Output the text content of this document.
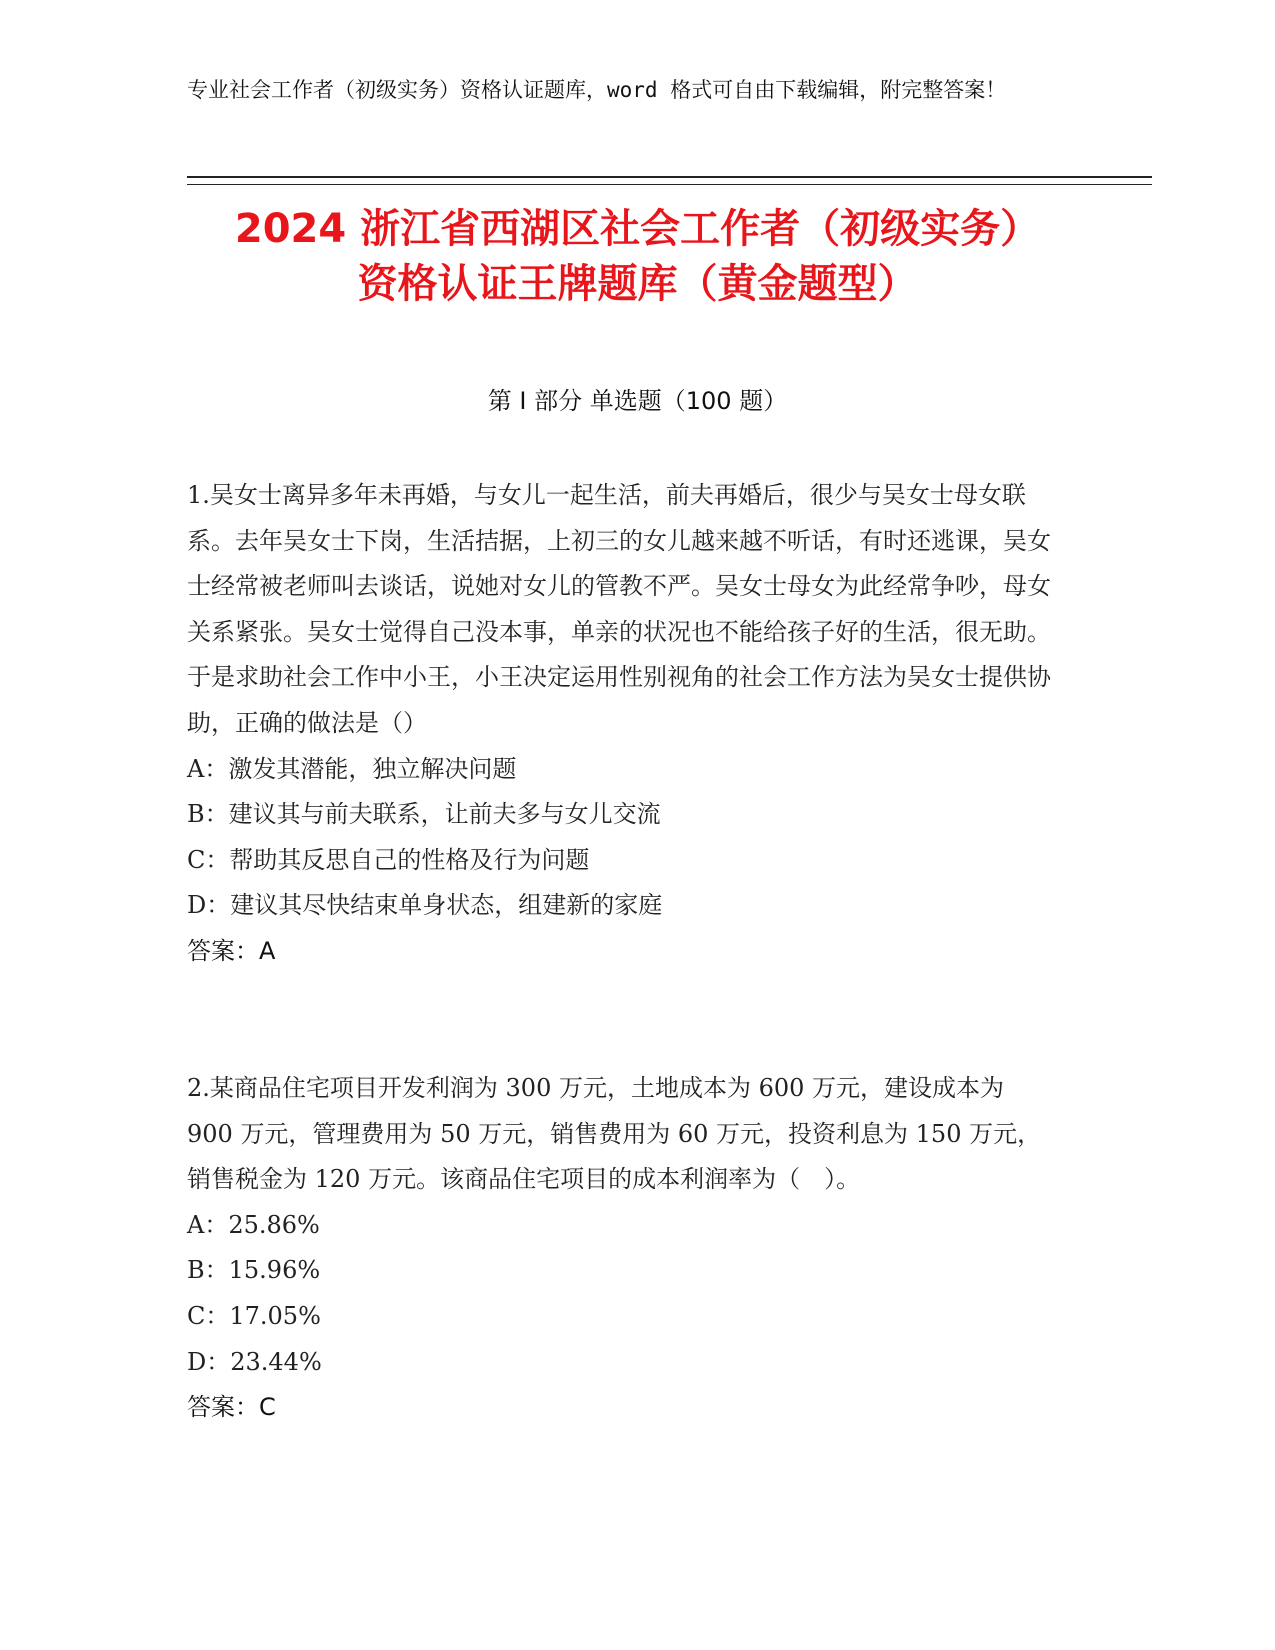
专业社会工作者（初级实务）资格认证题库，word 格式可自由下载编辑，附完整答案！
2024 浙江省西湖区社会工作者（初级实务）
资格认证王牌题库（黄金题型）
第 I 部分 单选题（100 题）

1.吴女士离异多年未再婚，与女儿一起生活，前夫再婚后，很少与吴女士母女联系。去年吴女士下岗，生活拮据，上初三的女儿越来越不听话，有时还逃课，吴女士经常被老师叫去谈话，说她对女儿的管教不严。吴女士母女为此经常争吵，母女关系紧张。吴女士觉得自己没本事，单亲的状况也不能给孩子好的生活，很无助。于是求助社会工作中小王，小王决定运用性别视角的社会工作方法为吴女士提供协助，正确的做法是（）

A：激发其潜能，独立解决问题

B：建议其与前夫联系，让前夫多与女儿交流

C：帮助其反思自己的性格及行为问题

D：建议其尽快结束单身状态，组建新的家庭

答案：A

2.某商品住宅项目开发利润为 300 万元，土地成本为 600 万元，建设成本为 900 万元，管理费用为 50 万元，销售费用为 60 万元，投资利息为 150 万元，销售税金为 120 万元。该商品住宅项目的成本利润率为（　）。

A：25.86%

B：15.96%

C：17.05%

D：23.44%

答案：C
